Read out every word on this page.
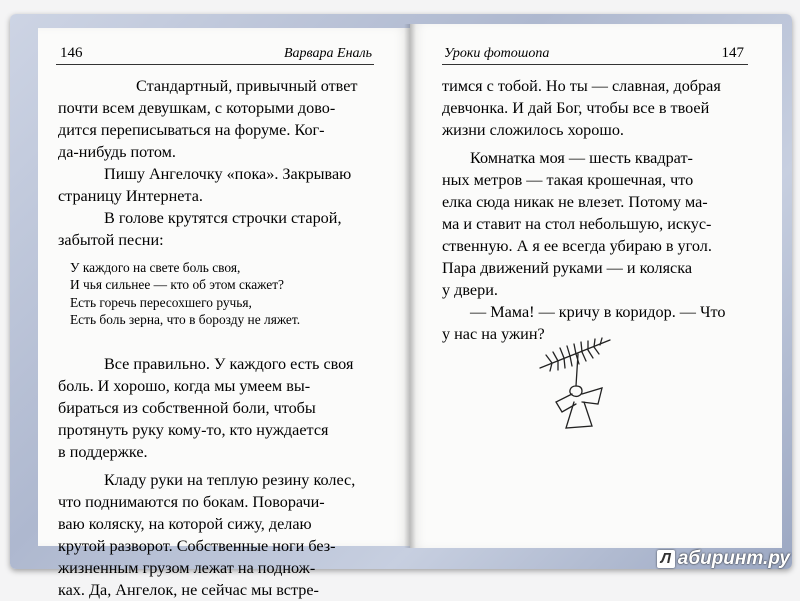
146	Варвара Еналь	Уроки фотошопа	147
Стандартный, привычный ответ
почти всем девушкам, с которыми дово-
дится переписываться на форуме. Ког-
да-нибудь потом.
Пишу Ангелочку «пока». Закрываю
страницу Интернета.
В голове крутятся строчки старой,
забытой песни:
У каждого на свете боль своя,
И чья сильнее — кто об этом скажет?
Есть горечь пересохшего ручья,
Есть боль зерна, что в борозду не ляжет.
Все правильно. У каждого есть своя
боль. И хорошо, когда мы умеем вы-
бираться из собственной боли, чтобы
протянуть руку кому-то, кто нуждается
в поддержке.
Кладу руки на теплую резину колес,
что поднимаются по бокам. Поворачи-
ваю коляску, на которой сижу, делаю
крутой разворот. Собственные ноги без-
жизненным грузом лежат на поднож-
ках. Да, Ангелок, не сейчас мы встре-
тимся с тобой. Но ты — славная, добрая
девчонка. И дай Бог, чтобы все в твоей
жизни сложилось хорошо.
Комнатка моя — шесть квадрат-
ных метров — такая крошечная, что
елка сюда никак не влезет. Потому ма-
ма и ставит на стол небольшую, искус-
ственную. А я ее всегда убираю в угол.
Пара движений руками — и коляска
у двери.
— Мама! — кричу в коридор. — Что
у нас на ужин?
Л абиринт.ру
